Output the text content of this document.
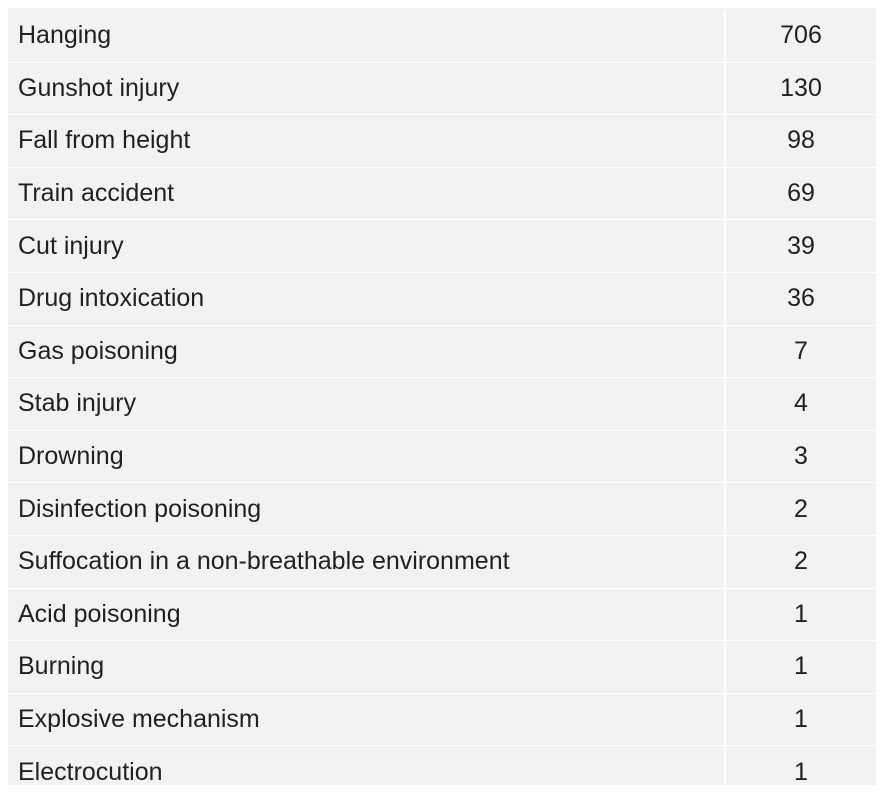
Hanging	706
Gunshot injury	130
Fall from height	98
Train accident	69
Cut injury	39
Drug intoxication	36
Gas poisoning	7
Stab injury	4
Drowning	3
Disinfection poisoning	2
Suffocation in a non-breathable environment	2
Acid poisoning	1
Burning	1
Explosive mechanism	1
Electrocution	1
